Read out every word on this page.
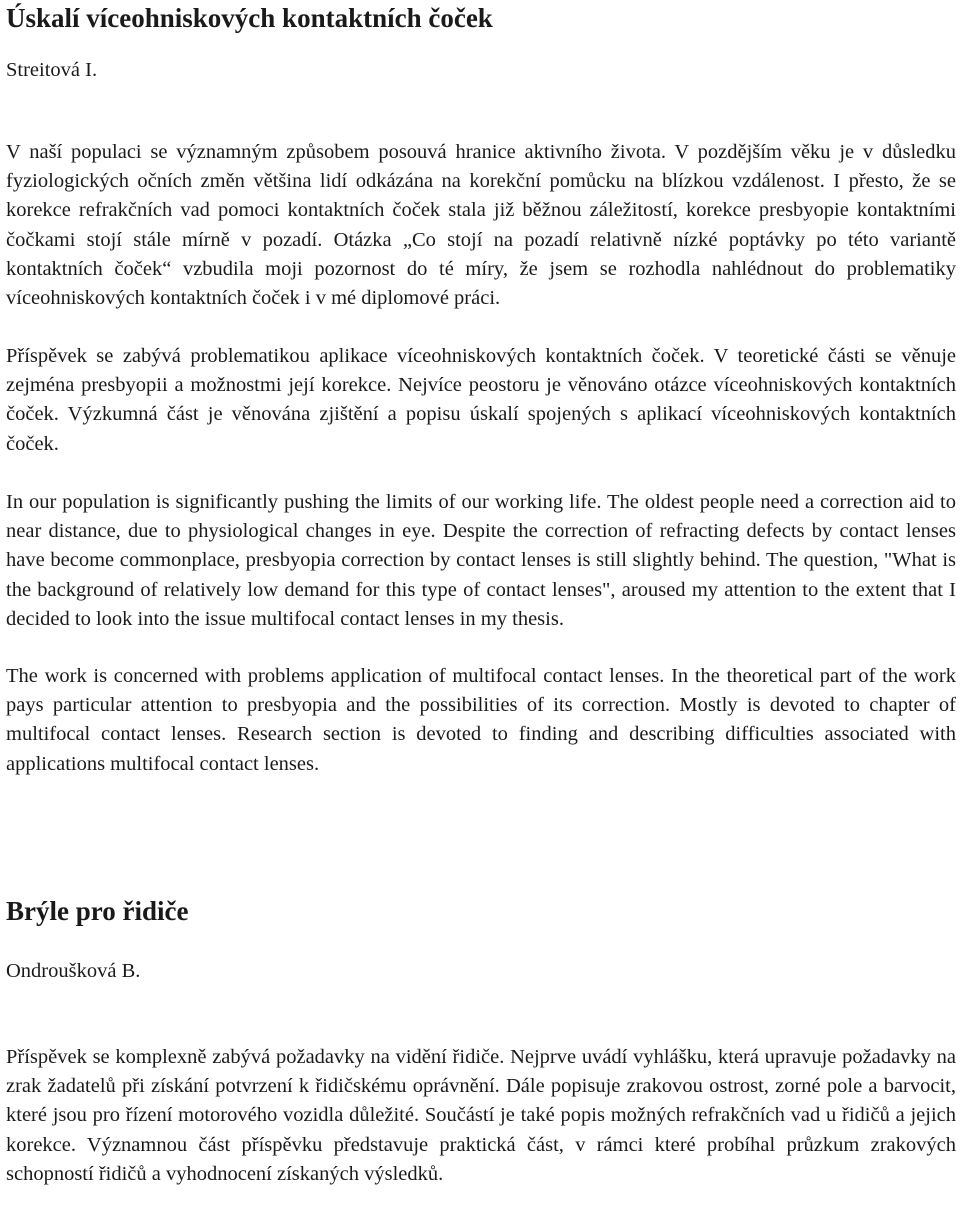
Úskalí víceohniskových kontaktních čoček

Streitová I.

V naší populaci se významným způsobem posouvá hranice aktivního života. V pozdějším věku je v důsledku fyziologických očních změn většina lidí odkázána na korekční pomůcku na blízkou vzdálenost. I přesto, že se korekce refrakčních vad pomoci kontaktních čoček stala již běžnou záležitostí, korekce presbyopie kontaktními čočkami stojí stále mírně v pozadí. Otázka „Co stojí na pozadí relativně nízké poptávky po této variantě kontaktních čoček“ vzbudila moji pozornost do té míry, že jsem se rozhodla nahlédnout do problematiky víceohniskových kontaktních čoček i v mé diplomové práci.

Příspěvek se zabývá problematikou aplikace víceohniskových kontaktních čoček. V teoretické části se věnuje zejména presbyopii a možnostmi její korekce. Nejvíce peostoru je věnováno otázce víceohniskových kontaktních čoček. Výzkumná část je věnována zjištění a popisu úskalí spojených s aplikací víceohniskových kontaktních čoček.

In our population is significantly pushing the limits of our working life. The oldest people need a correction aid to near distance, due to physiological changes in eye. Despite the correction of refracting defects by contact lenses have become commonplace, presbyopia correction by contact lenses is still slightly behind. The question, "What is the background of relatively low demand for this type of contact lenses", aroused my attention to the extent that I decided to look into the issue multifocal contact lenses in my thesis.

The work is concerned with problems application of multifocal contact lenses. In the theoretical part of the work pays particular attention to presbyopia and the possibilities of its correction. Mostly is devoted to chapter of multifocal contact lenses. Research section is devoted to finding and describing difficulties associated with applications multifocal contact lenses.

Brýle pro řidiče

Ondroušková B.

Příspěvek se komplexně zabývá požadavky na vidění řidiče. Nejprve uvádí vyhlášku, která upravuje požadavky na zrak žadatelů při získání potvrzení k řidičskému oprávnění. Dále popisuje zrakovou ostrost, zorné pole a barvocit, které jsou pro řízení motorového vozidla důležité. Součástí je také popis možných refrakčních vad u řidičů a jejich korekce. Významnou část příspěvku představuje praktická část, v rámci které probíhal průzkum zrakových schopností řidičů a vyhodnocení získaných výsledků.
